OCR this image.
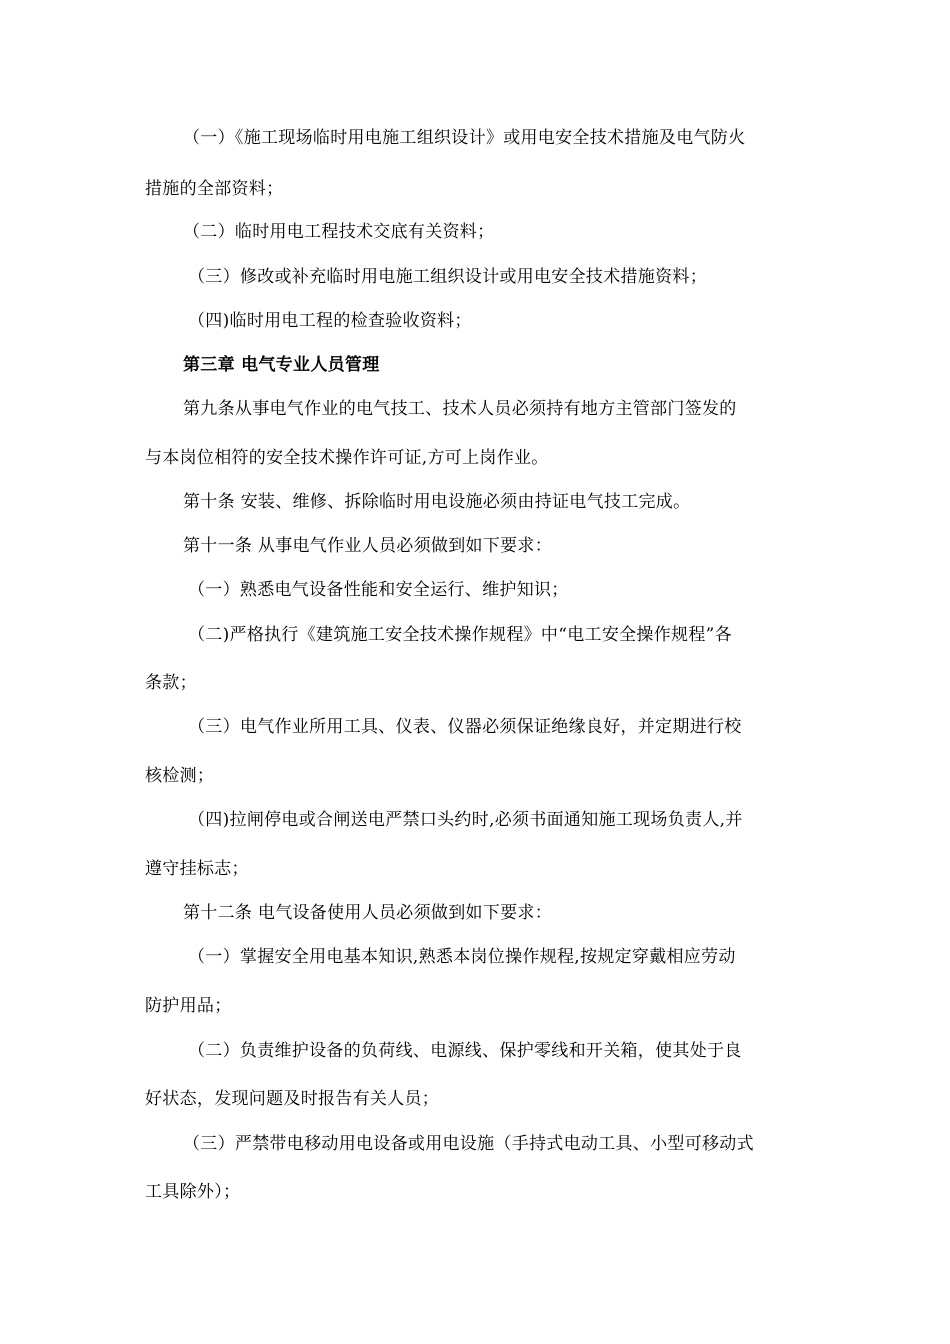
（一）《施工现场临时用电施工组织设计》或用电安全技术措施及电气防火
措施的全部资料；
（二）临时用电工程技术交底有关资料；
（三）修改或补充临时用电施工组织设计或用电安全技术措施资料；
（四)临时用电工程的检查验收资料；
第三章 电气专业人员管理
第九条从事电气作业的电气技工、技术人员必须持有地方主管部门签发的
与本岗位相符的安全技术操作许可证,方可上岗作业。
第十条 安装、维修、拆除临时用电设施必须由持证电气技工完成。
第十一条 从事电气作业人员必须做到如下要求：
（一）熟悉电气设备性能和安全运行、维护知识；
（二)严格执行《建筑施工安全技术操作规程》中“电工安全操作规程”各
条款；
（三）电气作业所用工具、仪表、仪器必须保证绝缘良好，并定期进行校
核检测；
（四)拉闸停电或合闸送电严禁口头约时,必须书面通知施工现场负责人,并
遵守挂标志；
第十二条 电气设备使用人员必须做到如下要求：
（一）掌握安全用电基本知识,熟悉本岗位操作规程,按规定穿戴相应劳动
防护用品；
（二）负责维护设备的负荷线、电源线、保护零线和开关箱，使其处于良
好状态，发现问题及时报告有关人员；
（三）严禁带电移动用电设备或用电设施（手持式电动工具、小型可移动式
工具除外）；
